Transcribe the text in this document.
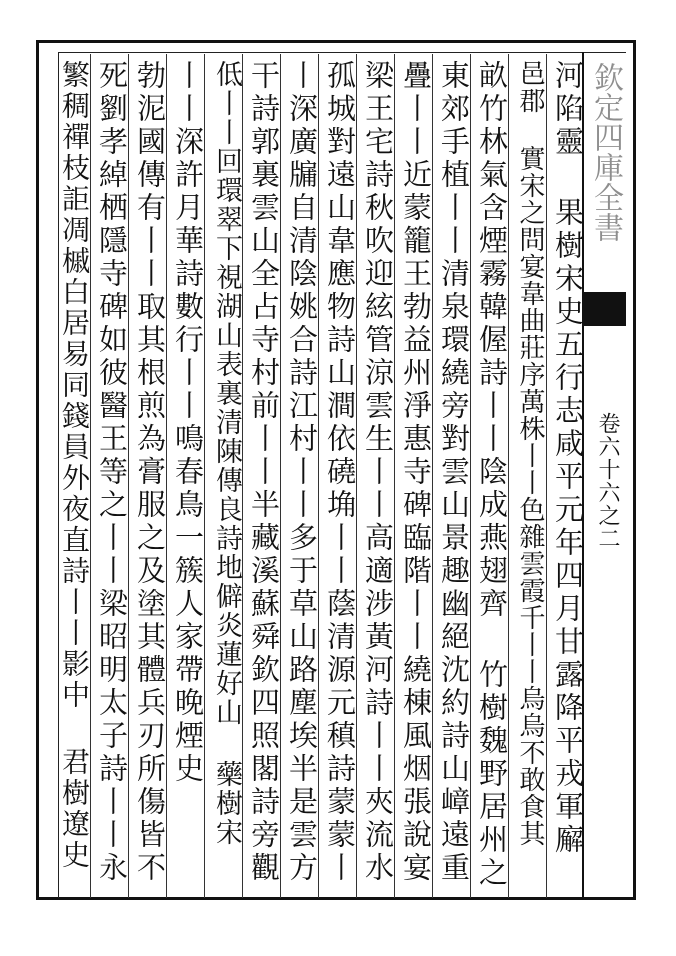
欽定四庫全書
卷六十六之二
河陷靈 果樹宋史五行志咸平元年四月甘露降平戎軍廨
邑郡 實宋之問宴韋曲莊序萬株丨丨色雜雲霞千丨丨烏烏不敢食其
畝竹林氣含煙霧韓偓詩丨丨陰成燕翅齊 竹樹魏野居州之
東郊手植丨丨清泉環繞旁對雲山景趣幽絕沈約詩山嶂遠重
疊丨丨近蒙籠王勃益州淨惠寺碑臨階丨丨繞棟風烟張說宴
梁王宅詩秋吹迎絃管涼雲生丨丨高適涉黃河詩丨丨夾流水
孤城對遠山韋應物詩山澗依磽埆丨丨蔭清源元稹詩蒙蒙丨
丨深廣牖自清陰姚合詩江村丨丨多于草山路塵埃半是雲方
干詩郭裏雲山全占寺村前丨丨半藏溪蘇舜欽四照閣詩旁觀
低丨丨回環翠下視湖山表裏清陳傳良詩地僻炎蓮好山 藥樹宋
丨丨深許月華詩數行丨丨鳴春鳥一簇人家帶晚煙史
勃泥國傳有丨丨取其根煎為膏服之及塗其體兵刃所傷皆不
死劉孝綽栖隱寺碑如彼醫王等之丨丨梁昭明太子詩丨丨永
繁稠禪枝詎凋槭白居易同錢員外夜直詩丨丨影中 君樹遼史
